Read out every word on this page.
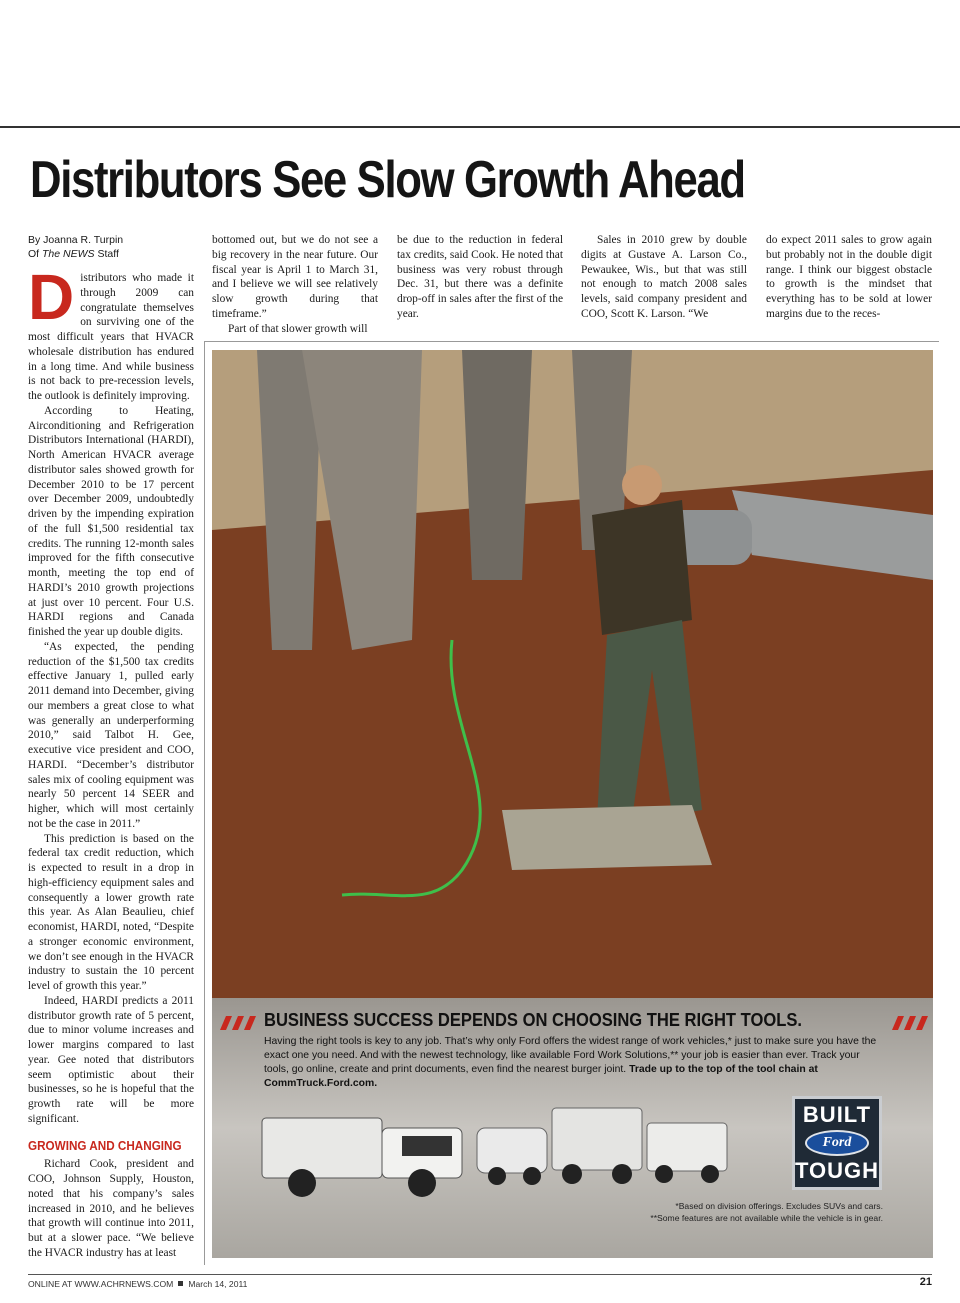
Distributors See Slow Growth Ahead
By Joanna R. Turpin
Of The NEWS Staff

Distributors who made it through 2009 can congratulate themselves on surviving one of the most difficult years that HVACR wholesale distribution has endured in a long time. And while business is not back to pre-recession levels, the outlook is definitely improving.

According to Heating, Airconditioning and Refrigeration Distributors International (HARDI), North American HVACR average distributor sales showed growth for December 2010 to be 17 percent over December 2009, undoubtedly driven by the impending expiration of the full $1,500 residential tax credits. The running 12-month sales improved for the fifth consecutive month, meeting the top end of HARDI’s 2010 growth projections at just over 10 percent. Four U.S. HARDI regions and Canada finished the year up double digits.

“As expected, the pending reduction of the $1,500 tax credits effective January 1, pulled early 2011 demand into December, giving our members a great close to what was generally an underperforming 2010,” said Talbot H. Gee, executive vice president and COO, HARDI. “December’s distributor sales mix of cooling equipment was nearly 50 percent 14 SEER and higher, which will most certainly not be the case in 2011.”

This prediction is based on the federal tax credit reduction, which is expected to result in a drop in high-efficiency equipment sales and consequently a lower growth rate this year. As Alan Beaulieu, chief economist, HARDI, noted, “Despite a stronger economic environment, we don’t see enough in the HVACR industry to sustain the 10 percent level of growth this year.”

Indeed, HARDI predicts a 2011 distributor growth rate of 5 percent, due to minor volume increases and lower margins compared to last year. Gee noted that distributors seem optimistic about their businesses, so he is hopeful that the growth rate will be more significant.

GROWING AND CHANGING

Richard Cook, president and COO, Johnson Supply, Houston, noted that his company’s sales increased in 2010, and he believes that growth will continue into 2011, but at a slower pace. “We believe the HVACR industry has at least

bottomed out, but we do not see a big recovery in the near future. Our fiscal year is April 1 to March 31, and I believe we will see relatively slow growth during that timeframe.”

Part of that slower growth will

be due to the reduction in federal tax credits, said Cook. He noted that business was very robust through Dec. 31, but there was a definite drop-off in sales after the first of the year.

Sales in 2010 grew by double digits at Gustave A. Larson Co., Pewaukee, Wis., but that was still not enough to match 2008 sales levels, said company president and COO, Scott K. Larson. “We

do expect 2011 sales to grow again but probably not in the double digit range. I think our biggest obstacle to growth is the mindset that everything has to be sold at lower margins due to the reces-

BUSINESS SUCCESS DEPENDS ON CHOOSING THE RIGHT TOOLS.
Having the right tools is key to any job. That’s why only Ford offers the widest range of work vehicles,* just to make sure you have the exact one you need. And with the newest technology, like available Ford Work Solutions,** your job is easier than ever. Track your tools, go online, create and print documents, even find the nearest burger joint. Trade up to the top of the tool chain at CommTruck.Ford.com.
BUILT
Ford
TOUGH
*Based on division offerings. Excludes SUVs and cars.
**Some features are not available while the vehicle is in gear.
ONLINE AT WWW.ACHRNEWS.COM March 14, 2011	21
